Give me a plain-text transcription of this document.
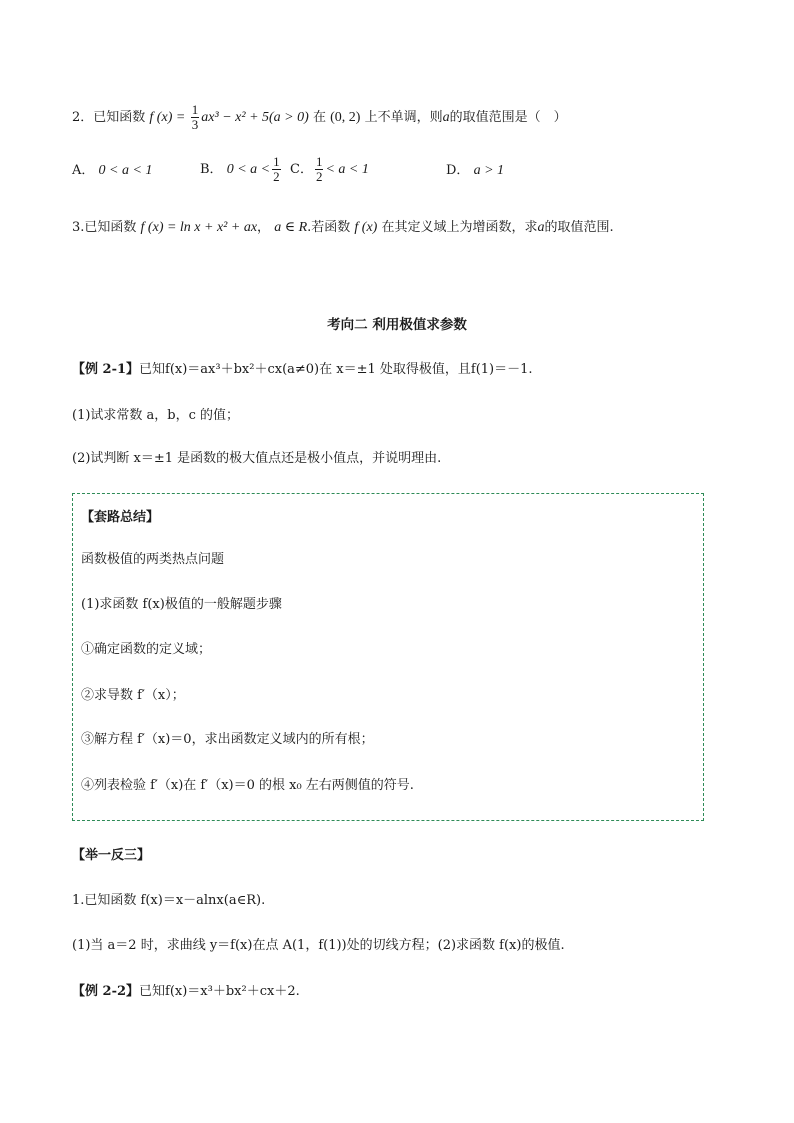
2．已知函数 f $(x) = \frac{1}{3} ax^3 - x^2 + 5(a > 0)$ 在 (0, 2) 上不单调，则a的取值范围是（　）
A． 0 < a < 1	B． $0 < a < \frac{1}{2}$ C． $\frac{1}{2} < a < 1$	D． a > 1
3.已知函数 f (x) = ln x + x² + ax， a ∈ R.若函数 f (x) 在其定义域上为增函数，求a的取值范围.
考向二 利用极值求参数
【例 2-1】已知f(x)＝ax³＋bx²＋cx(a≠0)在 x＝±1 处取得极值，且f(1)＝－1.
(1)试求常数 a，b，c 的值；
(2)试判断 x＝±1 是函数的极大值点还是极小值点，并说明理由.
【套路总结】
函数极值的两类热点问题
(1)求函数 f(x)极值的一般解题步骤
①确定函数的定义域；
②求导数 f′（x）；
③解方程 f′（x)＝0，求出函数定义域内的所有根；
④列表检验 f′（x)在 f′（x)＝0 的根 x₀ 左右两侧值的符号.
【举一反三】
1.已知函数 f(x)＝x－alnx(a∈R).
(1)当 a＝2 时，求曲线 y＝f(x)在点 A(1，f(1))处的切线方程；(2)求函数 f(x)的极值.
【例 2-2】已知f(x)＝x³＋bx²＋cx＋2.
